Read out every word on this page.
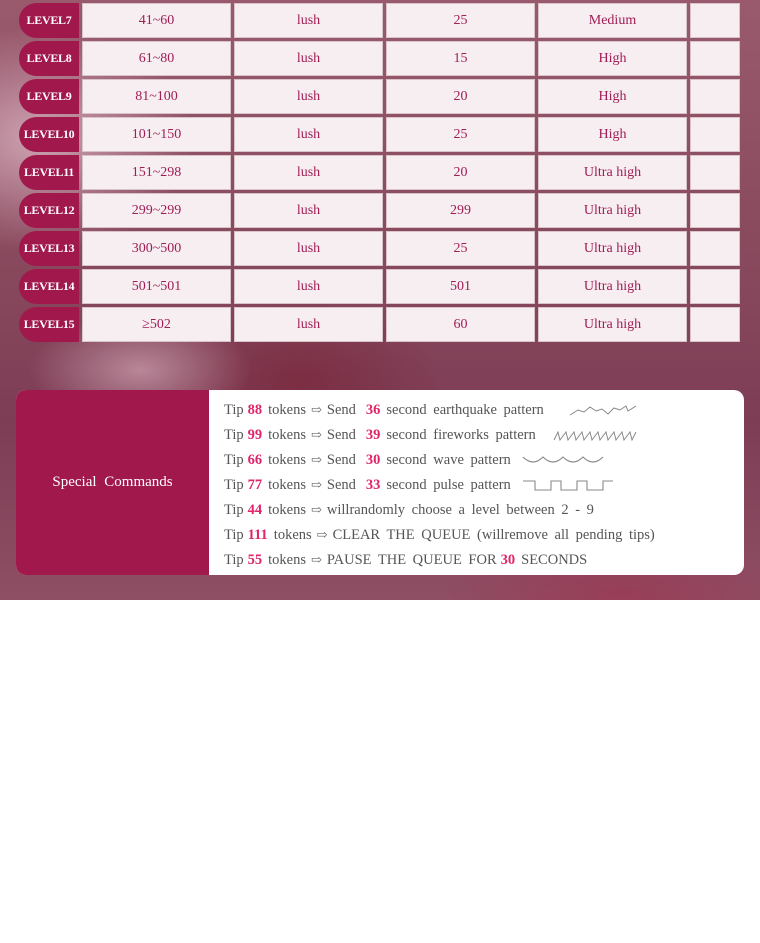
LEVEL7	41~60	lush	25	Medium	
LEVEL8	61~80	lush	15	High	
LEVEL9	81~100	lush	20	High	
LEVEL10	101~150	lush	25	High	
LEVEL11	151~298	lush	20	Ultra high	
LEVEL12	299~299	lush	299	Ultra high	
LEVEL13	300~500	lush	25	Ultra high	
LEVEL14	501~501	lush	501	Ultra high	
LEVEL15	≥502	lush	60	Ultra high	
Special Commands
Tip 88 tokens ⇨ Send 36 second earthquake pattern
Tip 99 tokens ⇨ Send 39 second fireworks pattern
Tip 66 tokens ⇨ Send 30 second wave pattern
Tip 77 tokens ⇨ Send 33 second pulse pattern
Tip 44 tokens ⇨ willrandomly choose a level between 2 - 9
Tip 111 tokens ⇨ CLEAR THE QUEUE (willremove all pending tips)
Tip 55 tokens ⇨ PAUSE THE QUEUE FOR 30 SECONDS
